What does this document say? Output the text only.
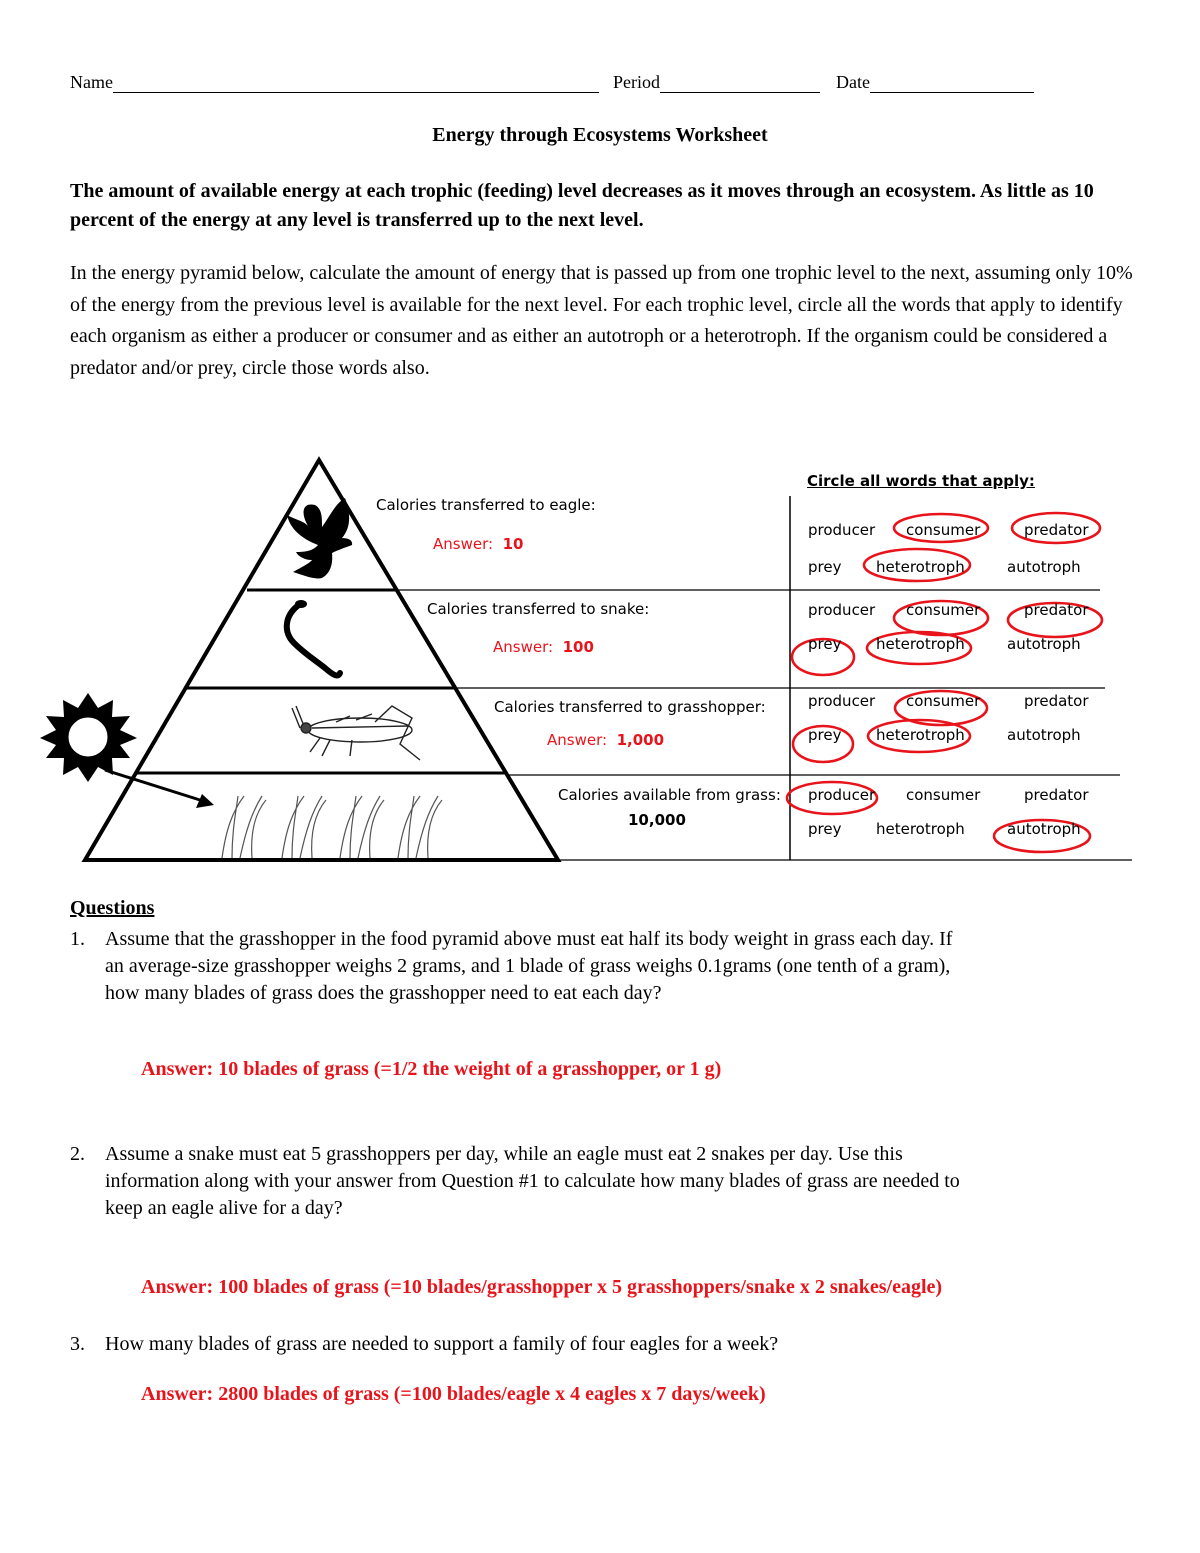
Name	Period	Date
Energy through Ecosystems Worksheet
The amount of available energy at each trophic (feeding) level decreases as it moves through an ecosystem. As little as 10 percent of the energy at any level is transferred up to the next level.
In the energy pyramid below, calculate the amount of energy that is passed up from one trophic level to the next, assuming only 10% of the energy from the previous level is available for the next level. For each trophic level, circle all the words that apply to identify each organism as either a producer or consumer and as either an autotroph or a heterotroph. If the organism could be considered a predator and/or prey, circle those words also.
Calories transferred to eagle:
Answer: 10
Calories transferred to snake:
Answer: 100
Calories transferred to grasshopper:
Answer: 1,000
Calories available from grass:
10,000
Circle all words that apply:
producer consumer	predator
prey heterotroph	autotroph
producer consumer	predator
prey heterotroph	autotroph
producer consumer	predator
prey heterotroph	autotroph
producer consumer	predator
prey heterotroph	autotroph
Questions
1. Assume that the grasshopper in the food pyramid above must eat half its body weight in grass each day. If
an average-size grasshopper weighs 2 grams, and 1 blade of grass weighs 0.1grams (one tenth of a gram),
how many blades of grass does the grasshopper need to eat each day?
Answer: 10 blades of grass (=1/2 the weight of a grasshopper, or 1 g)
2. Assume a snake must eat 5 grasshoppers per day, while an eagle must eat 2 snakes per day. Use this
information along with your answer from Question #1 to calculate how many blades of grass are needed to
keep an eagle alive for a day?
Answer: 100 blades of grass (=10 blades/grasshopper x 5 grasshoppers/snake x 2 snakes/eagle)
3. How many blades of grass are needed to support a family of four eagles for a week?
Answer: 2800 blades of grass (=100 blades/eagle x 4 eagles x 7 days/week)
